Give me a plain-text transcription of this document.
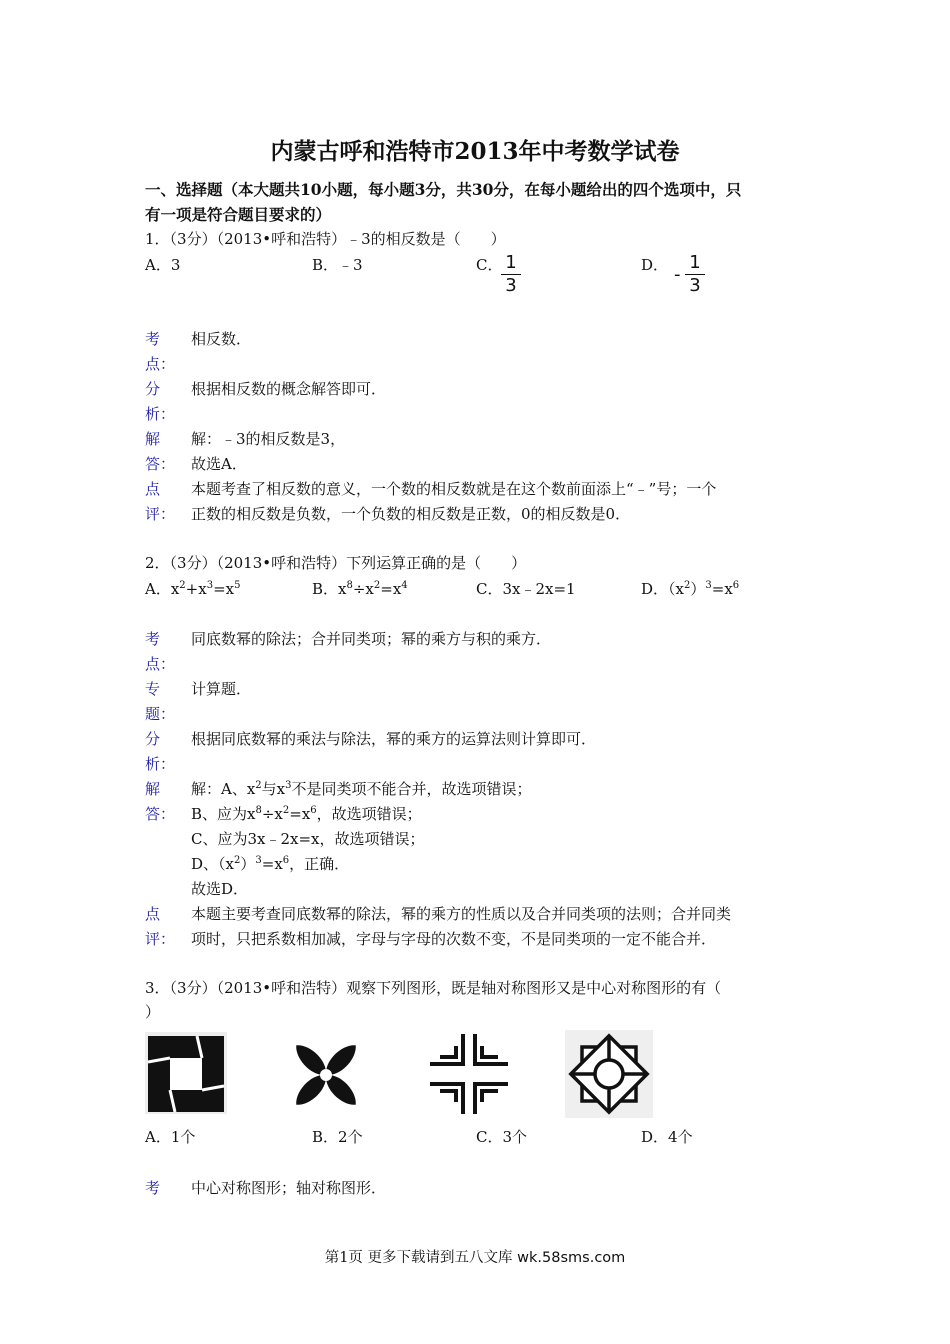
内蒙古呼和浩特市2013年中考数学试卷
一、选择题（本大题共10小题，每小题3分，共30分，在每小题给出的四个选项中，只
有一项是符合题目要求的）
1．（3分）（2013•呼和浩特）﹣3的相反数是（　　）
A．3	B．﹣3	C． 1
3
D． -
1
3
考
点：
相反数．
分
析：
根据相反数的概念解答即可．
解
答：
解：﹣3的相反数是3，
故选A．
点
评：
本题考查了相反数的意义，一个数的相反数就是在这个数前面添上“﹣”号；一个
正数的相反数是负数，一个负数的相反数是正数，0的相反数是0．
2．（3分）（2013•呼和浩特）下列运算正确的是（　　）
A．$x^2+x^3=x^5$	B．$x^8\div x^2=x^4$	C．3x﹣2x=1	D．$(x^2)^3=x^6$
考
点：
同底数幂的除法；合并同类项；幂的乘方与积的乘方．
专
题：
计算题．
分
析：
根据同底数幂的乘法与除法，幂的乘方的运算法则计算即可．
解
答：
解：A、$x^2$与$x^3$不是同类项不能合并，故选项错误；
B、应为$x^8\div x^2=x^6$，故选项错误；
C、应为3x﹣2x=x，故选项错误；
D、$(x^2)^3=x^6$，正确．
故选D．
点
评：
本题主要考查同底数幂的除法，幂的乘方的性质以及合并同类项的法则；合并同类
项时，只把系数相加减，字母与字母的次数不变，不是同类项的一定不能合并．
3．（3分）（2013•呼和浩特）观察下列图形，既是轴对称图形又是中心对称图形的有（
）
A．1个	B．2个	C．3个	D．4个
考 中心对称图形；轴对称图形．
第1页 更多下载请到五八文库 wk.58sms.com
